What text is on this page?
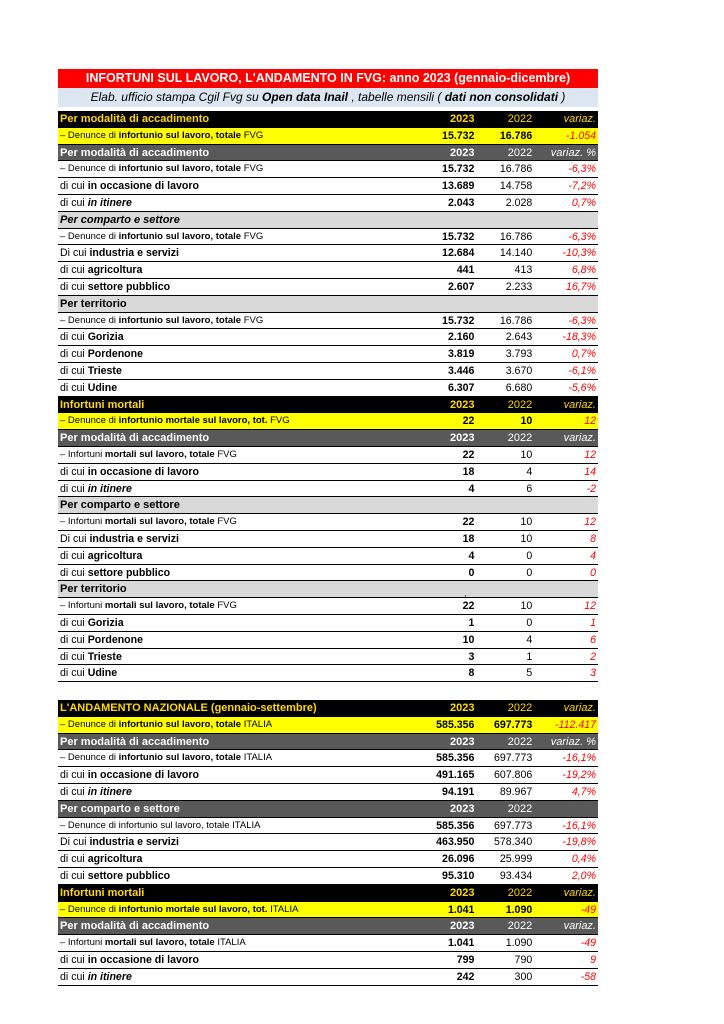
INFORTUNI SUL LAVORO, L'ANDAMENTO IN FVG: anno 2023 (gennaio-dicembre)
Elab. ufficio stampa Cgil Fvg su Open data Inail , tabelle mensili ( dati non consolidati )
Per modalità di accadimento	2023	2022	variaz.
– Denunce di infortunio sul lavoro, totale FVG	15.732	16.786	-1.054
Per modalità di accadimento	2023	2022	variaz. %
– Denunce di infortunio sul lavoro, totale FVG	15.732	16.786	-6,3%
di cui in occasione di lavoro	13.689	14.758	-7,2%
di cui in itinere	2.043	2.028	0,7%
Per comparto e settore
– Denunce di infortunio sul lavoro, totale FVG	15.732	16.786	-6,3%
Di cui industria e servizi	12.684	14.140	-10,3%
di cui agricoltura	441	413	6,8%
di cui settore pubblico	2.607	2.233	16,7%
Per territorio
– Denunce di infortunio sul lavoro, totale FVG	15.732	16.786	-6,3%
di cui Gorizia	2.160	2.643	-18,3%
di cui Pordenone	3.819	3.793	0,7%
di cui Trieste	3.446	3.670	-6,1%
di cui Udine	6.307	6.680	-5,6%
Infortuni mortali	2023	2022	variaz.
– Denunce di infortunio mortale sul lavoro, tot. FVG	22	10	12
Per modalità di accadimento	2023	2022	variaz.
– Infortuni mortali sul lavoro, totale FVG	22	10	12
di cui in occasione di lavoro	18	4	14
di cui in itinere	4	6	-2
Per comparto e settore
– Infortuni mortali sul lavoro, totale FVG	22	10	12
Di cui industria e servizi	18	10	8
di cui agricoltura	4	0	4
di cui settore pubblico	0	0	0
Per territorio	$_,$
– Infortuni mortali sul lavoro, totale FVG	22	10	12
di cui Gorizia	1	0	1
di cui Pordenone	10	4	6
di cui Trieste	3	1	2
di cui Udine	8	5	3
L'ANDAMENTO NAZIONALE (gennaio-settembre)	2023	2022	variaz.
– Denunce di infortunio sul lavoro, totale ITALIA	585.356	697.773	-112.417
Per modalità di accadimento	2023	2022	variaz. %
– Denunce di infortunio sul lavoro, totale ITALIA	585.356	697.773	-16,1%
di cui in occasione di lavoro	491.165	607.806	-19,2%
di cui in itinere	94.191	89.967	4,7%
Per comparto e settore	2023	2022
– Denunce di infortunio sul lavoro, totale ITALIA	585.356	697.773	-16,1%
Di cui industria e servizi	463.950	578.340	-19,8%
di cui agricoltura	26.096	25.999	0,4%
di cui settore pubblico	95.310	93.434	2,0%
Infortuni mortali	2023	2022	variaz.
– Denunce di infortunio mortale sul lavoro, tot. ITALIA	1.041	1.090	-49
Per modalità di accadimento	2023	2022	variaz.
– Infortuni mortali sul lavoro, totale ITALIA	1.041	1.090	-49
di cui in occasione di lavoro	799	790	9
di cui in itinere	242	300	-58
